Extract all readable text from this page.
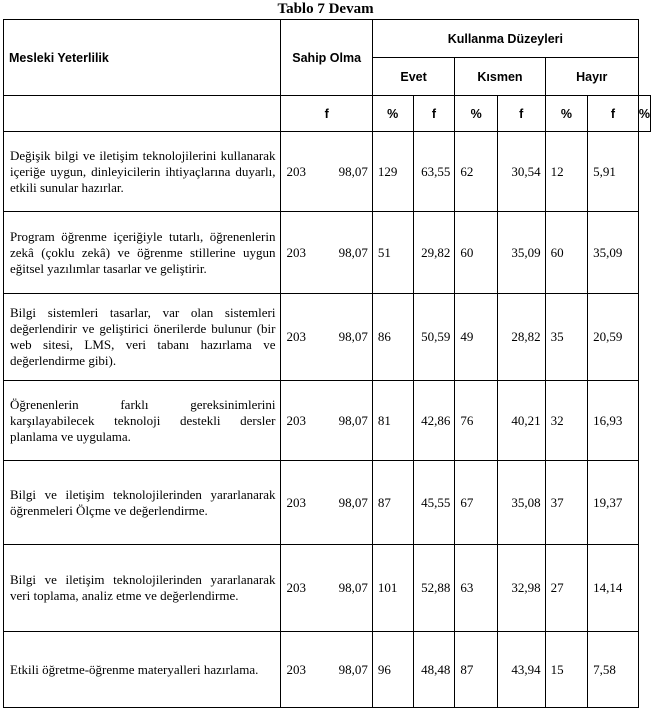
Tablo 7 Devam
Mesleki Yeterlilik	Sahip Olma	Kullanma Düzeyleri						
		Evet		Kısmen		Hayır		
	f	%	f	%	f	%	f	%
Değişik bilgi ve iletişim teknolojilerini kullanarak içeriğe uygun, dinleyicilerin ihtiyaçlarına duyarlı, etkili sunular hazırlar.	203 98,07	129	63,55	62	30,54	12	5,91	
Program öğrenme içeriğiyle tutarlı, öğrenenlerin zekâ (çoklu zekâ) ve öğrenme stillerine uygun eğitsel yazılımlar tasarlar ve geliştirir.	203 98,07	51	29,82	60	35,09	60	35,09	
Bilgi sistemleri tasarlar, var olan sistemleri değerlendirir ve geliştirici önerilerde bulunur (bir web sitesi, LMS, veri tabanı hazırlama ve değerlendirme gibi).	203 98,07	86	50,59	49	28,82	35	20,59	
Öğrenenlerin farklı gereksinimlerini karşılayabilecek teknoloji destekli dersler planlama ve uygulama.	203 98,07	81	42,86	76	40,21	32	16,93	
Bilgi ve iletişim teknolojilerinden yararlanarak öğrenmeleri Ölçme ve değerlendirme.	203 98,07	87	45,55	67	35,08	37	19,37	
Bilgi ve iletişim teknolojilerinden yararlanarak veri toplama, analiz etme ve değerlendirme.	203 98,07	101	52,88	63	32,98	27	14,14	
Etkili öğretme-öğrenme materyalleri hazırlama.	203 98,07	96	48,48	87	43,94	15	7,58	
